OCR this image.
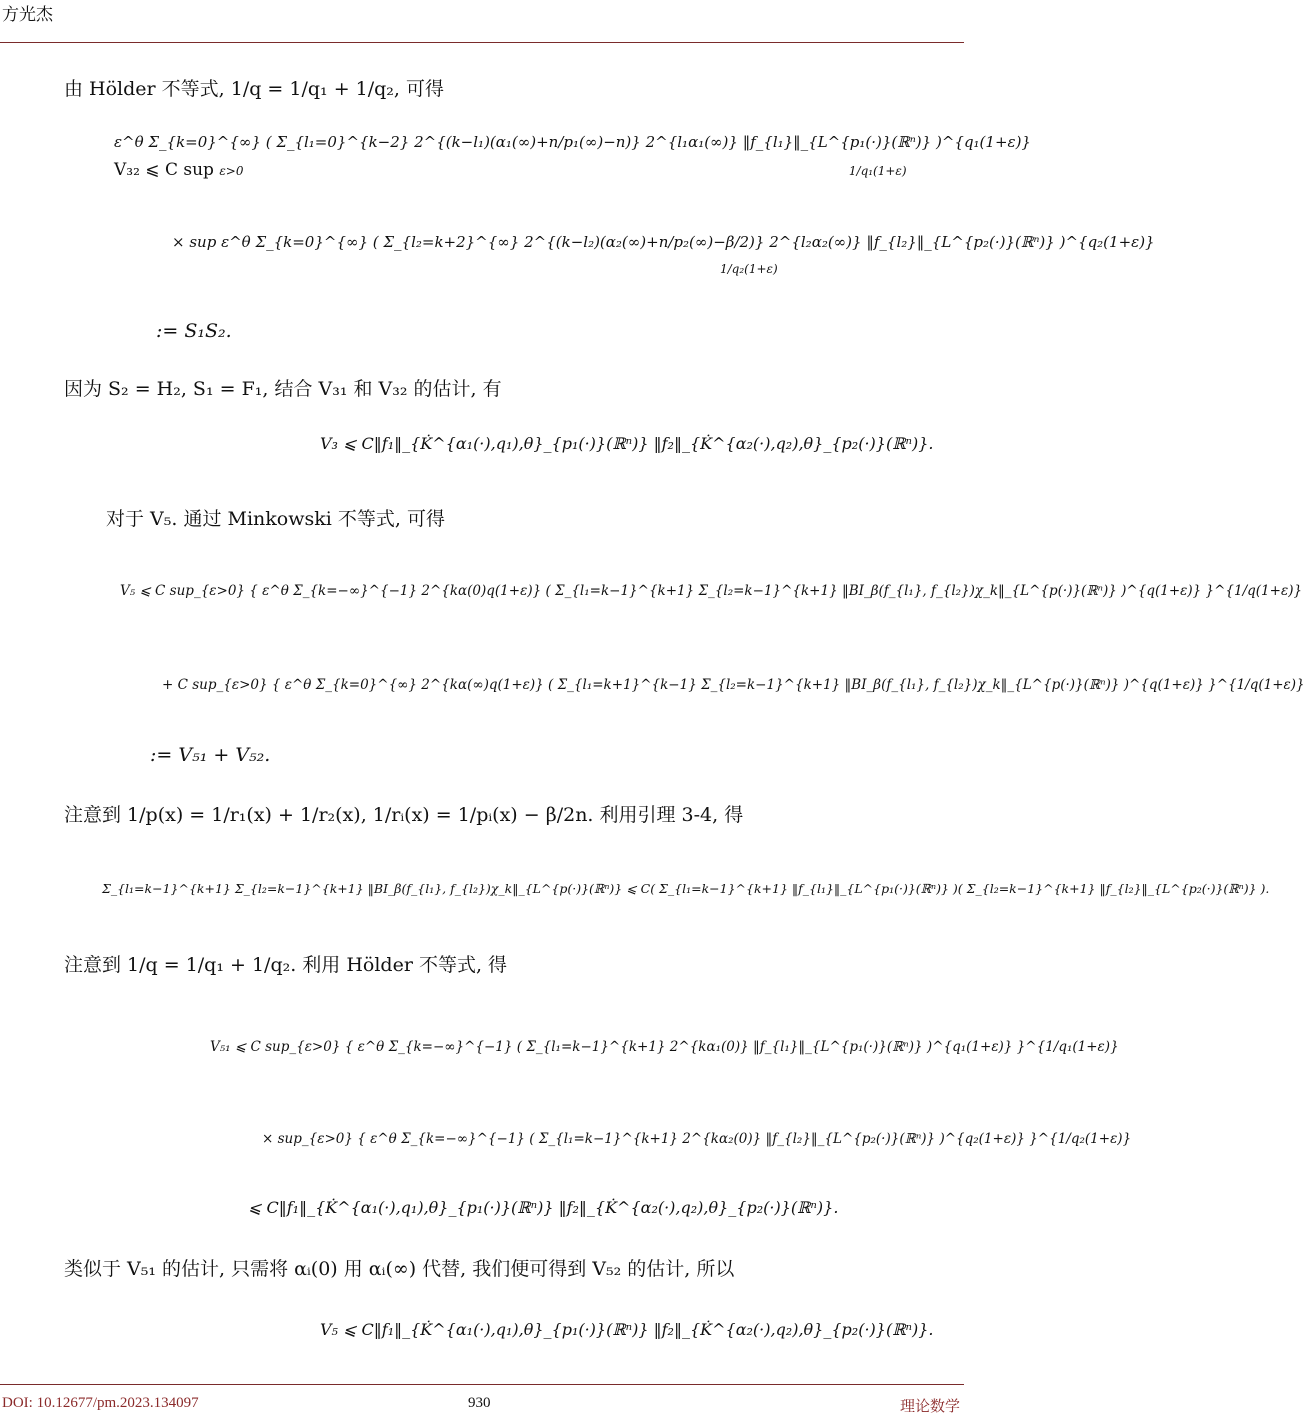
方光杰
由 Hölder 不等式, 1/q = 1/q₁ + 1/q₂, 可得
ε^θ Σ_{k=0}^{∞} ( Σ_{l₁=0}^{k−2} 2^{(k−l₁)(α₁(∞)+n/p₁(∞)−n)} 2^{l₁α₁(∞)} ‖f_{l₁}‖_{L^{p₁(·)}(ℝⁿ)} )^{q₁(1+ε)}
V₃₂ ⩽ C sup ε>0	1/q₁(1+ε)
× sup ε^θ Σ_{k=0}^{∞} ( Σ_{l₂=k+2}^{∞} 2^{(k−l₂)(α₂(∞)+n/p₂(∞)−β/2)} 2^{l₂α₂(∞)} ‖f_{l₂}‖_{L^{p₂(·)}(ℝⁿ)} )^{q₂(1+ε)}
1/q₂(1+ε)
:= S₁S₂.
因为 S₂ = H₂, S₁ = F₁, 结合 V₃₁ 和 V₃₂ 的估计, 有
V₃ ⩽ C‖f₁‖_{K̇^{α₁(·),q₁),θ}_{p₁(·)}(ℝⁿ)} ‖f₂‖_{K̇^{α₂(·),q₂),θ}_{p₂(·)}(ℝⁿ)}.
对于 V₅. 通过 Minkowski 不等式, 可得
V₅ ⩽ C sup_{ε>0} { ε^θ Σ_{k=−∞}^{−1} 2^{kα(0)q(1+ε)} ( Σ_{l₁=k−1}^{k+1} Σ_{l₂=k−1}^{k+1} ‖BI_β(f_{l₁}, f_{l₂})χ_k‖_{L^{p(·)}(ℝⁿ)} )^{q(1+ε)} }^{1/q(1+ε)}
+ C sup_{ε>0} { ε^θ Σ_{k=0}^{∞} 2^{kα(∞)q(1+ε)} ( Σ_{l₁=k+1}^{k−1} Σ_{l₂=k−1}^{k+1} ‖BI_β(f_{l₁}, f_{l₂})χ_k‖_{L^{p(·)}(ℝⁿ)} )^{q(1+ε)} }^{1/q(1+ε)}
:= V₅₁ + V₅₂.
注意到 1/p(x) = 1/r₁(x) + 1/r₂(x), 1/rᵢ(x) = 1/pᵢ(x) − β/2n. 利用引理 3-4, 得
Σ_{l₁=k−1}^{k+1} Σ_{l₂=k−1}^{k+1} ‖BI_β(f_{l₁}, f_{l₂})χ_k‖_{L^{p(·)}(ℝⁿ)} ⩽ C( Σ_{l₁=k−1}^{k+1} ‖f_{l₁}‖_{L^{p₁(·)}(ℝⁿ)} )( Σ_{l₂=k−1}^{k+1} ‖f_{l₂}‖_{L^{p₂(·)}(ℝⁿ)} ).
注意到 1/q = 1/q₁ + 1/q₂. 利用 Hölder 不等式, 得
V₅₁ ⩽ C sup_{ε>0} { ε^θ Σ_{k=−∞}^{−1} ( Σ_{l₁=k−1}^{k+1} 2^{kα₁(0)} ‖f_{l₁}‖_{L^{p₁(·)}(ℝⁿ)} )^{q₁(1+ε)} }^{1/q₁(1+ε)}
× sup_{ε>0} { ε^θ Σ_{k=−∞}^{−1} ( Σ_{l₁=k−1}^{k+1} 2^{kα₂(0)} ‖f_{l₂}‖_{L^{p₂(·)}(ℝⁿ)} )^{q₂(1+ε)} }^{1/q₂(1+ε)}
⩽ C‖f₁‖_{K̇^{α₁(·),q₁),θ}_{p₁(·)}(ℝⁿ)} ‖f₂‖_{K̇^{α₂(·),q₂),θ}_{p₂(·)}(ℝⁿ)}.
类似于 V₅₁ 的估计, 只需将 αᵢ(0) 用 αᵢ(∞) 代替, 我们便可得到 V₅₂ 的估计, 所以
V₅ ⩽ C‖f₁‖_{K̇^{α₁(·),q₁),θ}_{p₁(·)}(ℝⁿ)} ‖f₂‖_{K̇^{α₂(·),q₂),θ}_{p₂(·)}(ℝⁿ)}.
DOI: 10.12677/pm.2023.134097	930	理论数学
